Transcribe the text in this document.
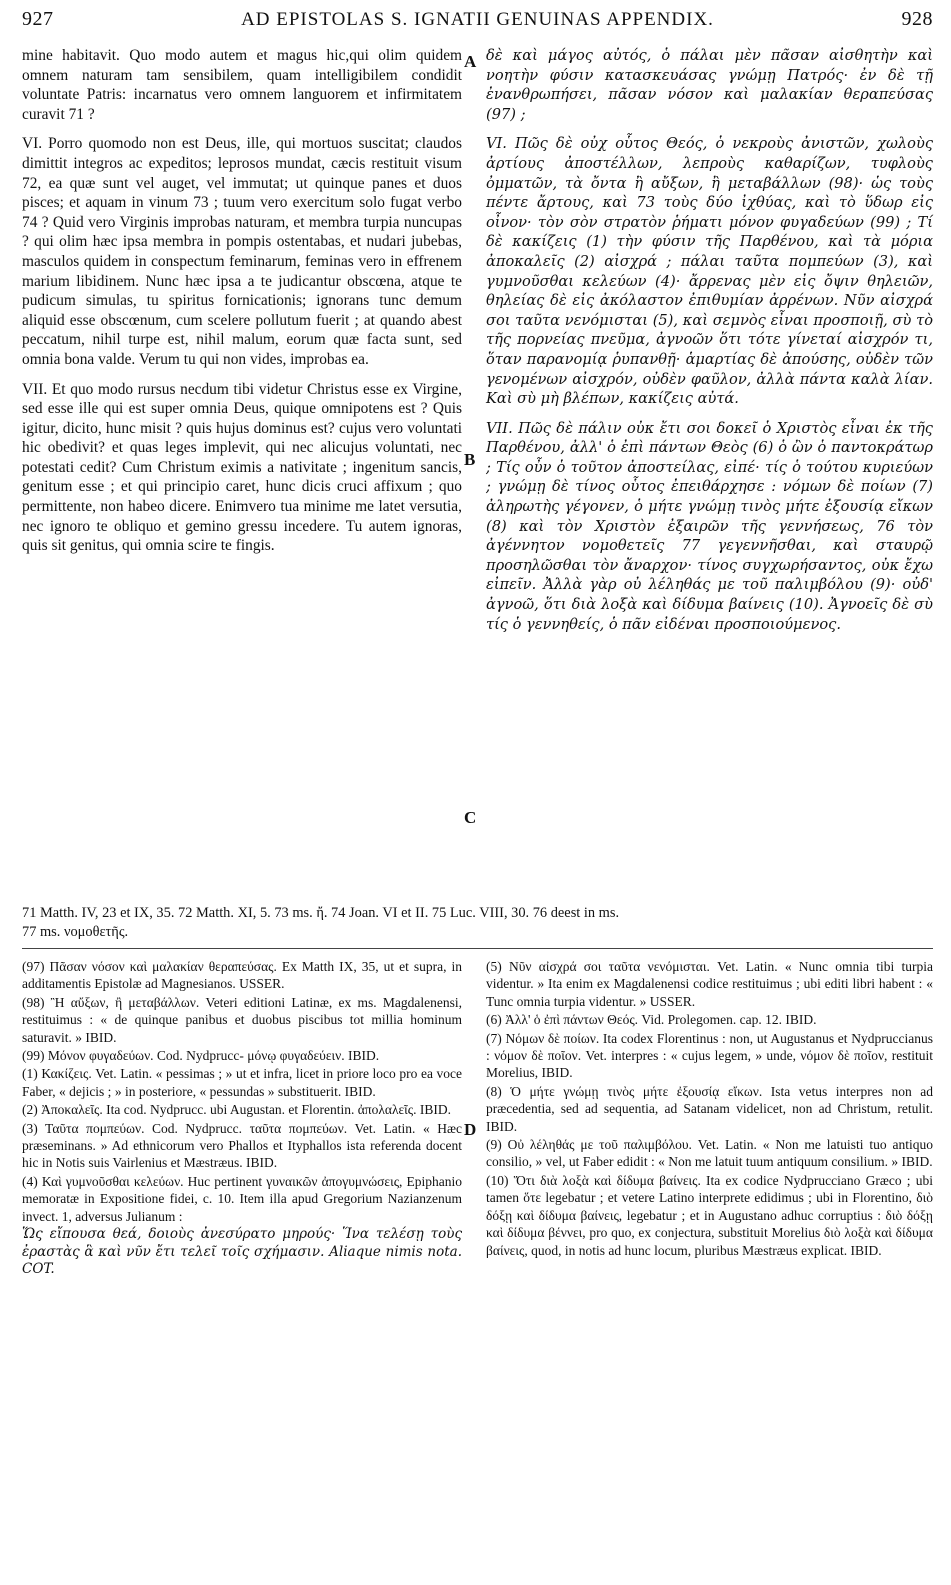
927	AD EPISTOLAS S. IGNATII GENUINAS APPENDIX.	928

mine habitavit. Quo modo autem et magus hic,qui olim quidem omnem naturam tam sensibilem, quam intelligibilem condidit voluntate Patris: incarnatus vero omnem languorem et infirmitatem curavit 71 ?

VI. Porro quomodo non est Deus, ille, qui mortuos suscitat; claudos dimittit integros ac expeditos; leprosos mundat, cæcis restituit visum 72, ea quæ sunt vel auget, vel immutat; ut quinque panes et duos pisces; et aquam in vinum 73 ; tuum vero exercitum solo fugat verbo 74 ? Quid vero Virginis improbas naturam, et membra turpia nuncupas ? qui olim hæc ipsa membra in pompis ostentabas, et nudari jubebas, masculos quidem in conspectum feminarum, feminas vero in effrenem marium libidinem. Nunc hæc ipsa a te judicantur obscœna, atque te pudicum simulas, tu spiritus fornicationis; ignorans tunc demum aliquid esse obscœnum, cum scelere pollutum fuerit ; at quando abest peccatum, nihil turpe est, nihil malum, eorum quæ facta sunt, sed omnia bona valde. Verum tu qui non vides, improbas ea.

VII. Et quo modo rursus necdum tibi videtur Christus esse ex Virgine, sed esse ille qui est super omnia Deus, quique omnipotens est ? Quis igitur, dicito, hunc misit ? quis hujus dominus est? cujus vero voluntati hic obedivit? et quas leges implevit, qui nec alicujus voluntati, nec potestati cedit? Cum Christum eximis a nativitate ; ingenitum sancis, genitum esse ; et qui principio caret, hunc dicis cruci affixum ; quo permittente, non habeo dicere. Enimvero tua minime me latet versutia, nec ignoro te obliquo et gemino gressu incedere. Tu autem ignoras, quis sit genitus, qui omnia scire te fingis.

A
B
C

δὲ καὶ μάγος αὐτός, ὁ πάλαι μὲν πᾶσαν αἰσθητὴν καὶ νοητὴν φύσιν κατασκευάσας γνώμῃ Πατρός· ἐν δὲ τῇ ἐνανθρωπήσει, πᾶσαν νόσον καὶ μαλακίαν θεραπεύσας (97) ;

VI. Πῶς δὲ οὐχ οὗτος Θεός, ὁ νεκροὺς ἀνιστῶν, χωλοὺς ἀρτίους ἀποστέλλων, λεπροὺς καθαρίζων, τυφλοὺς ὀμματῶν, τὰ ὄντα ἢ αὔξων, ἢ μεταβάλλων (98)· ὡς τοὺς πέντε ἄρτους, καὶ 73 τοὺς δύο ἰχθύας, καὶ τὸ ὕδωρ εἰς οἶνον· τὸν σὸν στρατὸν ῥήματι μόνον φυγαδεύων (99) ; Τί δὲ κακίζεις (1) τὴν φύσιν τῆς Παρθένου, καὶ τὰ μόρια ἀποκαλεῖς (2) αἰσχρά ; πάλαι ταῦτα πομπεύων (3), καὶ γυμνοῦσθαι κελεύων (4)· ἄρρενας μὲν εἰς ὄψιν θηλειῶν, θηλείας δὲ εἰς ἀκόλαστον ἐπιθυμίαν ἀρρένων. Νῦν αἰσχρά σοι ταῦτα νενόμισται (5), καὶ σεμνὸς εἶναι προσποιῇ, σὺ τὸ τῆς πορνείας πνεῦμα, ἀγνοῶν ὅτι τότε γίνεταί αἰσχρόν τι, ὅταν παρανομίᾳ ῥυπανθῇ· ἁμαρτίας δὲ ἀπούσης, οὐδὲν τῶν γενομένων αἰσχρόν, οὐδὲν φαῦλον, ἀλλὰ πάντα καλὰ λίαν. Καὶ σὺ μὴ βλέπων, κακίζεις αὐτά.

VII. Πῶς δὲ πάλιν οὐκ ἔτι σοι δοκεῖ ὁ Χριστὸς εἶναι ἐκ τῆς Παρθένου, ἀλλ' ὁ ἐπὶ πάντων Θεὸς (6) ὁ ὢν ὁ παντοκράτωρ ; Τίς οὖν ὁ τοῦτον ἀποστείλας, εἰπέ· τίς ὁ τούτου κυριεύων ; γνώμῃ δὲ τίνος οὗτος ἐπειθάρχησε : νόμων δὲ ποίων (7) ἀληρωτὴς γέγονεν, ὁ μήτε γνώμῃ τινὸς μήτε ἐξουσίᾳ εἴκων (8) καὶ τὸν Χριστὸν ἐξαιρῶν τῆς γεννήσεως, 76 τὸν ἀγέννητον νομοθετεῖς 77 γεγεννῆσθαι, καὶ σταυρῷ προσηλῶσθαι τὸν ἄναρχον· τίνος συγχωρήσαντος, οὐκ ἔχω εἰπεῖν. Ἀλλὰ γὰρ οὐ λέληθάς με τοῦ παλιμβόλου (9)· οὐδ' ἀγνοῶ, ὅτι διὰ λοξὰ καὶ δίδυμα βαίνεις (10). Ἀγνοεῖς δὲ σὺ τίς ὁ γεννηθείς, ὁ πᾶν εἰδέναι προσποιούμενος.

71 Matth. IV, 23 et IX, 35. 72 Matth. XI, 5. 73 ms. ἤ. 74 Joan. VI et II. 75 Luc. VIII, 30. 76 deest in ms.
77 ms. νομοθετῆς.

(97) Πᾶσαν νόσον καὶ μαλακίαν θεραπεύσας. Ex Matth IX, 35, ut et supra, in additamentis Epistolæ ad Magnesianos. USSER.

(98) Ἢ αὔξων, ἢ μεταβάλλων. Veteri editioni Latinæ, ex ms. Magdalenensi, restituimus : « de quinque panibus et duobus piscibus tot millia hominum saturavit. » IBID.

(99) Μόνον φυγαδεύων. Cod. Nydprucc- μόνῳ φυγαδεύειν. IBID.

(1) Κακίζεις. Vet. Latin. « pessimas ; » ut et infra, licet in priore loco pro ea voce Faber, « dejicis ; » in posteriore, « pessundas » substituerit. IBID.

(2) Ἀποκαλεῖς. Ita cod. Nydprucc. ubi Augustan. et Florentin. ἀπολαλεῖς. IBID.

(3) Ταῦτα πομπεύων. Cod. Nydprucc. ταῦτα πομπεύων. Vet. Latin. « Hæc præseminans. » Ad ethnicorum vero Phallos et Ityphallos ista referenda docent hic in Notis suis Vairlenius et Mæstræus. IBID.

(4) Καὶ γυμνοῦσθαι κελεύων. Huc pertinent γυναικῶν ἀπογυμνώσεις, Epiphanio memoratæ in Expositione fidei, c. 10. Item illa apud Gregorium Nazianzenum invect. 1, adversus Julianum :

Ὥς εἴπουσα θεά, δοιοὺς ἀνεσύρατο μηρούς· Ἵνα τελέσῃ τοὺς ἐραστὰς ἃ καὶ νῦν ἔτι τελεῖ τοῖς σχήμασιν. Aliaque nimis nota. COT.

D

(5) Νῦν αἰσχρά σοι ταῦτα νενόμισται. Vet. Latin. « Nunc omnia tibi turpia videntur. » Ita enim ex Magdalenensi codice restituimus ; ubi editi libri habent : « Tunc omnia turpia videntur. » USSER.

(6) Ἀλλ' ὁ ἐπὶ πάντων Θεός. Vid. Prolegomen. cap. 12. IBID.

(7) Νόμων δὲ ποίων. Ita codex Florentinus : non, ut Augustanus et Nydpruccianus : νόμον δὲ ποῖον. Vet. interpres : « cujus legem, » unde, νόμον δὲ ποῖον, restituit Morelius, IBID.

(8) Ὁ μήτε γνώμῃ τινὸς μήτε ἐξουσίᾳ εἴκων. Ista vetus interpres non ad præcedentia, sed ad sequentia, ad Satanam videlicet, non ad Christum, retulit. IBID.

(9) Οὐ λέληθάς με τοῦ παλιμβόλου. Vet. Latin. « Non me latuisti tuo antiquo consilio, » vel, ut Faber edidit : « Non me latuit tuum antiquum consilium. » IBID.

(10) Ὅτι διὰ λοξὰ καὶ δίδυμα βαίνεις. Ita ex codice Nydprucciano Græco ; ubi tamen ὅτε legebatur ; et vetere Latino interprete edidimus ; ubi in Florentino, διὸ δόξῃ καὶ δίδυμα βαίνεις, legebatur ; et in Augustano adhuc corruptius : διὸ δόξῃ καὶ δίδυμα βέννει, pro quo, ex conjectura, substituit Morelius διὸ λοξὰ καὶ δίδυμα βαίνεις, quod, in notis ad hunc locum, pluribus Mæstræus explicat. IBID.
